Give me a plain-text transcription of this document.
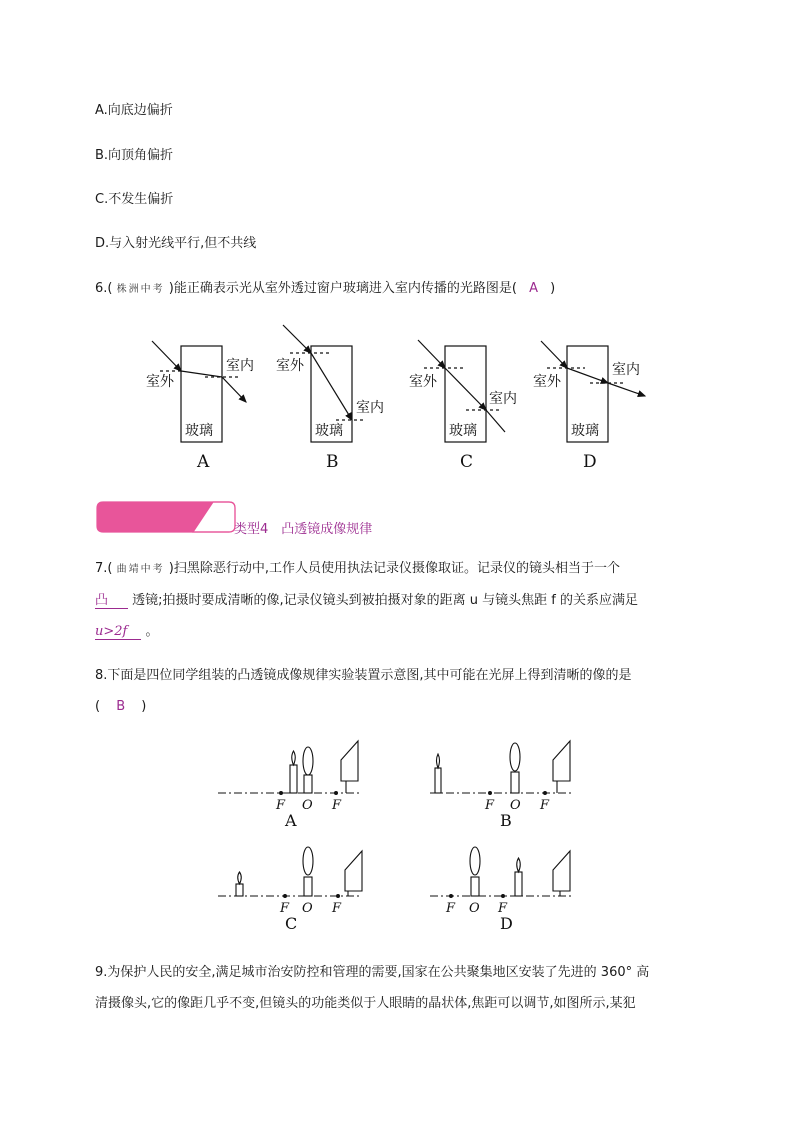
A.向底边偏折
B.向顶角偏折
C.不发生偏折
D.与入射光线平行,但不共线
6.( 株洲中考 )能正确表示光从室外透过窗户玻璃进入室内传播的光路图是( A )
室外
室内
玻璃
室外
室内
玻璃
室外
室内
玻璃
室外
室内
玻璃
A	B	C	D
类型4　凸透镜成像规律
7.( 曲靖中考 )扫黑除恶行动中,工作人员使用执法记录仪摄像取证。记录仪的镜头相当于一个
凸 透镜;拍摄时要成清晰的像,记录仪镜头到被拍摄对象的距离 u 与镜头焦距 f 的关系应满足
u>2f 。
8.下面是四位同学组装的凸透镜成像规律实验装置示意图,其中可能在光屏上得到清晰的像的是
( B )
F O F	F O F
F O F	F O F
A	B
C	D
9.为保护人民的安全,满足城市治安防控和管理的需要,国家在公共聚集地区安装了先进的 360° 高
清摄像头,它的像距几乎不变,但镜头的功能类似于人眼睛的晶状体,焦距可以调节,如图所示,某犯
